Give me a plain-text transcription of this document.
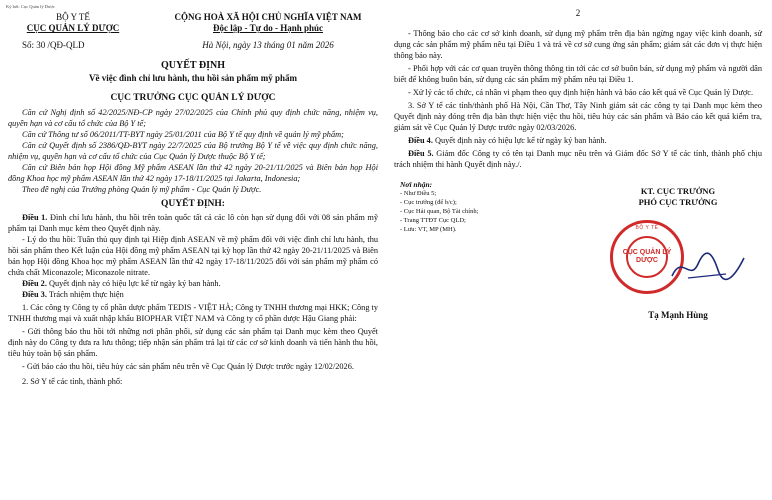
Ký bởi: Cục Quản lý Dược
BỘ Y TẾ
CỤC QUẢN LÝ DƯỢC
Số: 30 /QĐ-QLD
CỘNG HOÀ XÃ HỘI CHỦ NGHĨA VIỆT NAM
Độc lập - Tự do - Hạnh phúc
Hà Nội, ngày 13 tháng 01 năm 2026
QUYẾT ĐỊNH
Về việc đình chỉ lưu hành, thu hồi sản phẩm mỹ phẩm
CỤC TRƯỞNG CỤC QUẢN LÝ DƯỢC

Căn cứ Nghị định số 42/2025/NĐ-CP ngày 27/02/2025 của Chính phủ quy định chức năng, nhiệm vụ, quyền hạn và cơ cấu tổ chức của Bộ Y tế;

Căn cứ Thông tư số 06/2011/TT-BYT ngày 25/01/2011 của Bộ Y tế quy định về quản lý mỹ phẩm;

Căn cứ Quyết định số 2386/QĐ-BYT ngày 22/7/2025 của Bộ trưởng Bộ Y tế về việc quy định chức năng, nhiệm vụ, quyền hạn và cơ cấu tổ chức của Cục Quản lý Dược thuộc Bộ Y tế;

Căn cứ Biên bản họp Hội đồng Mỹ phẩm ASEAN lần thứ 42 ngày 20-21/11/2025 và Biên bản họp Hội đồng Khoa học mỹ phẩm ASEAN lần thứ 42 ngày 17-18/11/2025 tại Jakarta, Indonesia;

Theo đề nghị của Trưởng phòng Quản lý mỹ phẩm - Cục Quản lý Dược.

QUYẾT ĐỊNH:

Điều 1. Đình chỉ lưu hành, thu hồi trên toàn quốc tất cả các lô còn hạn sử dụng đối với 08 sản phẩm mỹ phẩm tại Danh mục kèm theo Quyết định này.

- Lý do thu hồi: Tuân thủ quy định tại Hiệp định ASEAN về mỹ phẩm đối với việc đình chỉ lưu hành, thu hồi sản phẩm theo Kết luận của Hội đồng mỹ phẩm ASEAN tại kỳ họp lần thứ 42 ngày 20-21/11/2025 và Biên bản họp Hội đồng Khoa học mỹ phẩm ASEAN lần thứ 42 ngày 17-18/11/2025 đối với sản phẩm mỹ phẩm có chứa chất Miconazole; Miconazole nitrate.

Điều 2. Quyết định này có hiệu lực kể từ ngày ký ban hành.

Điều 3. Trách nhiệm thực hiện

1. Các công ty Công ty cổ phần dược phẩm TEDIS - VIỆT HÀ; Công ty TNHH thương mại HKK; Công ty TNHH thương mại và xuất nhập khẩu BIOPHAR VIỆT NAM và Công ty cổ phần dược Hậu Giang phải:

- Gửi thông báo thu hồi tới những nơi phân phối, sử dụng các sản phẩm tại Danh mục kèm theo Quyết định này do Công ty đưa ra lưu thông; tiếp nhận sản phẩm trả lại từ các cơ sở kinh doanh và tiến hành thu hồi, tiêu hủy toàn bộ sản phẩm.

- Gửi báo cáo thu hồi, tiêu hủy các sản phẩm nêu trên về Cục Quản lý Dược trước ngày 12/02/2026.

2. Sở Y tế các tỉnh, thành phố:

2

- Thông báo cho các cơ sở kinh doanh, sử dụng mỹ phẩm trên địa bàn ngừng ngay việc kinh doanh, sử dụng các sản phẩm mỹ phẩm nêu tại Điều 1 và trả về cơ sở cung ứng sản phẩm; giám sát các đơn vị thực hiện thông báo này.

- Phối hợp với các cơ quan truyền thông thông tin tới các cơ sở buôn bán, sử dụng mỹ phẩm và người dân biết để không buôn bán, sử dụng các sản phẩm mỹ phẩm nêu tại Điều 1.

- Xử lý các tổ chức, cá nhân vi phạm theo quy định hiện hành và báo cáo kết quả về Cục Quản lý Dược.

3. Sở Y tế các tỉnh/thành phố Hà Nội, Cần Thơ, Tây Ninh giám sát các công ty tại Danh mục kèm theo Quyết định này đóng trên địa bàn thực hiện việc thu hồi, tiêu hủy các sản phẩm và Báo cáo kết quả kiểm tra, giám sát về Cục Quản lý Dược trước ngày 02/03/2026.

Điều 4. Quyết định này có hiệu lực kể từ ngày ký ban hành.

Điều 5. Giám đốc Công ty có tên tại Danh mục nêu trên và Giám đốc Sở Y tế các tỉnh, thành phố chịu trách nhiệm thi hành Quyết định này./.

Nơi nhận:
- Như Điều 5;
- Cục trưởng (để b/c);
- Cục Hải quan, Bộ Tài chính;
- Trang TTĐT Cục QLD;
- Lưu: VT, MP (MH).
KT. CỤC TRƯỞNG
PHÓ CỤC TRƯỞNG
BỘ Y TẾ
CỤC QUẢN LÝ DƯỢC
Tạ Mạnh Hùng
